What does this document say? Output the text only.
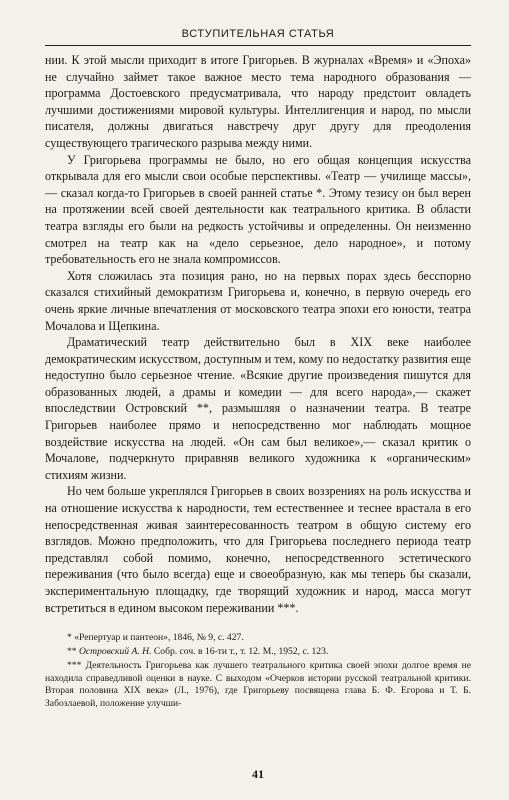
ВСТУПИТЕЛЬНАЯ СТАТЬЯ

нии. К этой мысли приходит в итоге Григорьев. В журналах «Время» и «Эпоха» не случайно займет такое важное место тема народного образования — программа Достоевского предусматривала, что народу предстоит овладеть лучшими достижениями мировой культуры. Интеллигенция и народ, по мысли писателя, должны двигаться навстречу друг другу для преодоления существующего трагического разрыва между ними.

У Григорьева программы не было, но его общая концепция искусства открывала для его мысли свои особые перспективы. «Театр — училище массы»,— сказал когда-то Григорьев в своей ранней статье *. Этому тезису он был верен на протяжении всей своей деятельности как театрального критика. В области театра взгляды его были на редкость устойчивы и определенны. Он неизменно смотрел на театр как на «дело серьезное, дело народное», и потому требовательность его не знала компромиссов.

Хотя сложилась эта позиция рано, но на первых порах здесь бесспорно сказался стихийный демократизм Григорьева и, конечно, в первую очередь его очень яркие личные впечатления от московского театра эпохи его юности, театра Мочалова и Щепкина.

Драматический театр действительно был в XIX веке наиболее демократическим искусством, доступным и тем, кому по недостатку развития еще недоступно было серьезное чтение. «Всякие другие произведения пишутся для образованных людей, а драмы и комедии — для всего народа»,— скажет впоследствии Островский **, размышляя о назначении театра. В театре Григорьев наиболее прямо и непосредственно мог наблюдать мощное воздействие искусства на людей. «Он сам был великое»,— сказал критик о Мочалове, подчеркнуто приравняв великого художника к «органическим» стихиям жизни.

Но чем больше укреплялся Григорьев в своих воззрениях на роль искусства и на отношение искусства к народности, тем естественнее и теснее врастала в его непосредственная живая заинтересованность театром в общую систему его взглядов. Можно предположить, что для Григорьева последнего периода театр представлял собой помимо, конечно, непосредственного эстетического переживания (что было всегда) еще и своеобразную, как мы теперь бы сказали, экспериментальную площадку, где творящий художник и народ, масса могут встретиться в едином высоком переживании ***.

* «Репертуар и пантеон», 1846, № 9, с. 427.

** Островский А. Н. Собр. соч. в 16-ти т., т. 12. М., 1952, с. 123.

*** Деятельность Григорьева как лучшего театрального критика своей эпохи долгое время не находила справедливой оценки в науке. С выходом «Очерков истории русской театральной критики. Вторая половина XIX века» (Л., 1976), где Григорьеву посвящена глава Б. Ф. Егорова и Т. Б. Забозлаевой, положение улучши-

41
